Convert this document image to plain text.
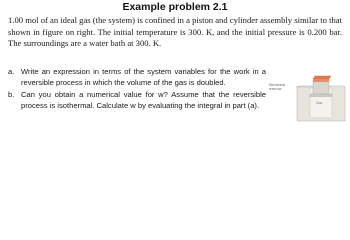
Example problem 2.1

1.00 mol of an ideal gas (the system) is confined in a piston and cylinder assembly similar to that shown in figure on right. The initial temperature is 300. K, and the initial pressure is 0.200 bar. The surroundings are a water bath at 300. K.

a. Write an expression in terms of the system variables for the work in a reversible process in which the volume of the gas is doubled.
b. Can you obtain a numerical value for w? Assume that the reversible process is isothermal. Calculate w by evaluating the integral in part (a).
Mechanical reservoir
Gas
